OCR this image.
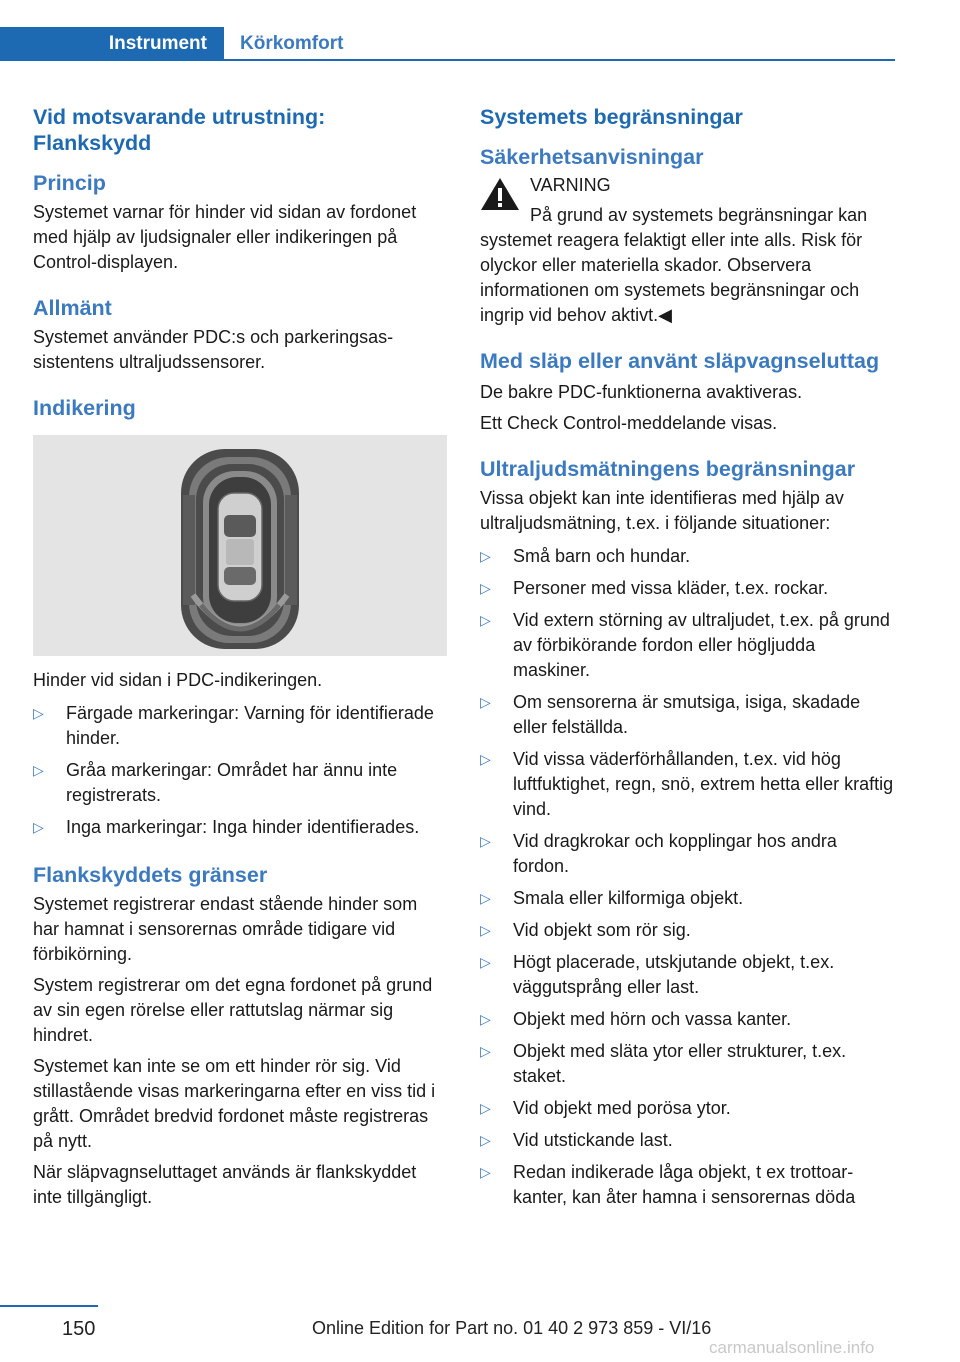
Instrument	Körkomfort
Vid motsvarande utrustning: Flankskydd
Princip

Systemet varnar för hinder vid sidan av fordonet med hjälp av ljudsignaler eller indikeringen på Control-displayen.

Allmänt

Systemet använder PDC:s och parkeringsassistentens ultraljudssensorer.

Indikering

Hinder vid sidan i PDC-indikeringen.

▷ Färgade markeringar: Varning för identifierade hinder.
▷ Gråa markeringar: Området har ännu inte registrerats.
▷ Inga markeringar: Inga hinder identifierades.
Flankskyddets gränser

Systemet registrerar endast stående hinder som har hamnat i sensorernas område tidigare vid förbikörning.

System registrerar om det egna fordonet på grund av sin egen rörelse eller rattutslag närmar sig hindret.

Systemet kan inte se om ett hinder rör sig. Vid stillastående visas markeringarna efter en viss tid i grått. Området bredvid fordonet måste registreras på nytt.

När släpvagnseluttaget används är flankskyddet inte tillgängligt.

Systemets begränsningar
Säkerhetsanvisningar
VARNING

På grund av systemets begränsningar kan systemet reagera felaktigt eller inte alls. Risk för olyckor eller materiella skador. Observera informationen om systemets begränsningar och ingrip vid behov aktivt.◀

Med släp eller använt släpvagnseluttag

De bakre PDC-funktionerna avaktiveras.

Ett Check Control-meddelande visas.

Ultraljudsmätningens begränsningar

Vissa objekt kan inte identifieras med hjälp av ultraljudsmätning, t.ex. i följande situationer:

▷ Små barn och hundar.
▷ Personer med vissa kläder, t.ex. rockar.
▷ Vid extern störning av ultraljudet, t.ex. på grund av förbikörande fordon eller högljudda maskiner.
▷ Om sensorerna är smutsiga, isiga, skadade eller felställda.
▷ Vid vissa väderförhållanden, t.ex. vid hög luftfuktighet, regn, snö, extrem hetta eller kraftig vind.
▷ Vid dragkrokar och kopplingar hos andra fordon.
▷ Smala eller kilformiga objekt.
▷ Vid objekt som rör sig.
▷ Högt placerade, utskjutande objekt, t.ex. väggutsprång eller last.
▷ Objekt med hörn och vassa kanter.
▷ Objekt med släta ytor eller strukturer, t.ex. staket.
▷ Vid objekt med porösa ytor.
▷ Vid utstickande last.
▷ Redan indikerade låga objekt, t ex trottoarkanter, kan åter hamna i sensorernas döda
150	Online Edition for Part no. 01 40 2 973 859 - VI/16
carmanualsonline.info
